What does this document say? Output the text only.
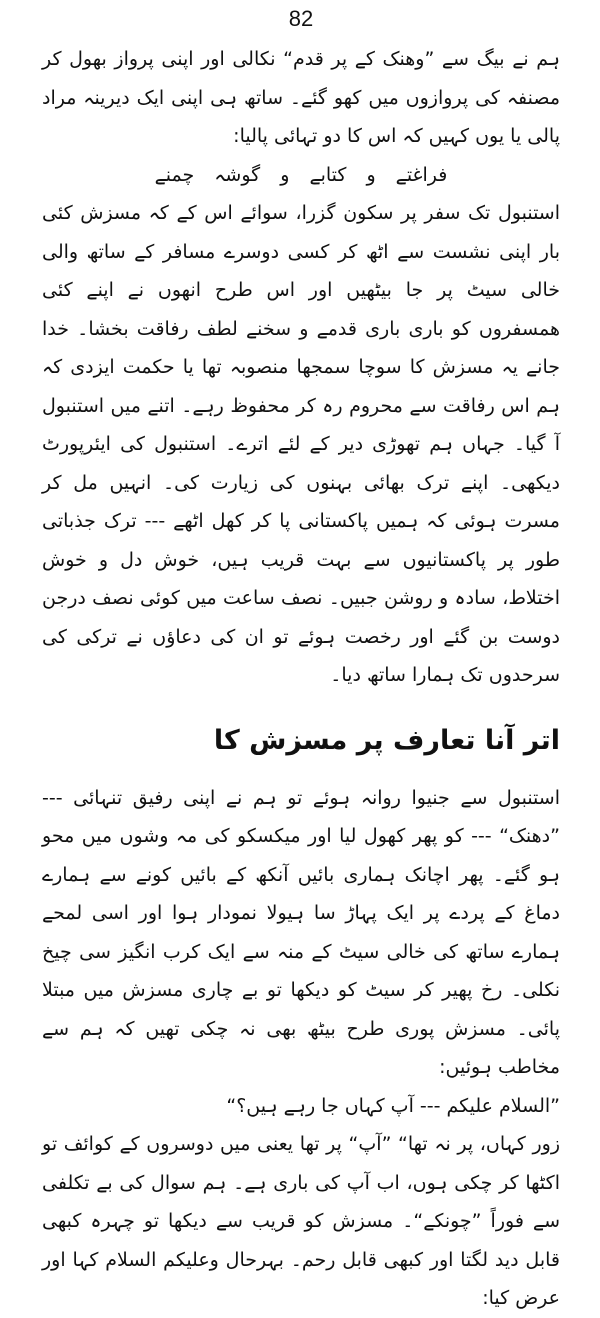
82

ہم نے بیگ سے ”وھنک کے پر قدم“ نکالی اور اپنی پرواز بھول کر مصنفہ کی پروازوں میں کھو گئے۔ ساتھ ہی اپنی ایک دیرینہ مراد پالی یا یوں کہیں کہ اس کا دو تہائی پالیا:

فراغتے و کتابے و گوشہ چمنے

استنبول تک سفر پر سکون گزرا، سوائے اس کے کہ مسزش کئی بار اپنی نشست سے اٹھ کر کسی دوسرے مسافر کے ساتھ والی خالی سیٹ پر جا بیٹھیں اور اس طرح انھوں نے اپنے کئی ھمسفروں کو باری باری قدمے و سخنے لطف رفاقت بخشا۔ خدا جانے یہ مسزش کا سوچا سمجھا منصوبہ تھا یا حکمت ایزدی کہ ہم اس رفاقت سے محروم رہ کر محفوظ رہے۔ اتنے میں استنبول آ گیا۔ جہاں ہم تھوڑی دیر کے لئے اترے۔ استنبول کی ایئرپورٹ دیکھی۔ اپنے ترک بھائی بہنوں کی زیارت کی۔ انہیں مل کر مسرت ہوئی کہ ہمیں پاکستانی پا کر کھل اٹھے --- ترک جذباتی طور پر پاکستانیوں سے بہت قریب ہیں، خوش دل و خوش اختلاط، سادہ و روشن جبیں۔ نصف ساعت میں کوئی نصف درجن دوست بن گئے اور رخصت ہوئے تو ان کی دعاؤں نے ترکی کی سرحدوں تک ہمارا ساتھ دیا۔

اتر آنا تعارف پر مسزش کا

استنبول سے جنیوا روانہ ہوئے تو ہم نے اپنی رفیق تنہائی --- ”دھنک“ --- کو پھر کھول لیا اور میکسکو کی مہ وشوں میں محو ہو گئے۔ پھر اچانک ہماری بائیں آنکھ کے بائیں کونے سے ہمارے دماغ کے پردے پر ایک پہاڑ سا ہیولا نمودار ہوا اور اسی لمحے ہمارے ساتھ کی خالی سیٹ کے منہ سے ایک کرب انگیز سی چیخ نکلی۔ رخ پھیر کر سیٹ کو دیکھا تو بے چاری مسزش میں مبتلا پائی۔ مسزش پوری طرح بیٹھ بھی نہ چکی تھیں کہ ہم سے مخاطب ہوئیں:

”السلام علیکم --- آپ کہاں جا رہے ہیں؟“

زور کہاں، پر نہ تھا“ ”آپ“ پر تھا یعنی میں دوسروں کے کوائف تو اکٹھا کر چکی ہوں، اب آپ کی باری ہے۔ ہم سوال کی بے تکلفی سے فوراً ”چونکے“۔ مسزش کو قریب سے دیکھا تو چہرہ کبھی قابل دید لگتا اور کبھی قابل رحم۔ بہرحال وعلیکم السلام کہا اور عرض کیا:
